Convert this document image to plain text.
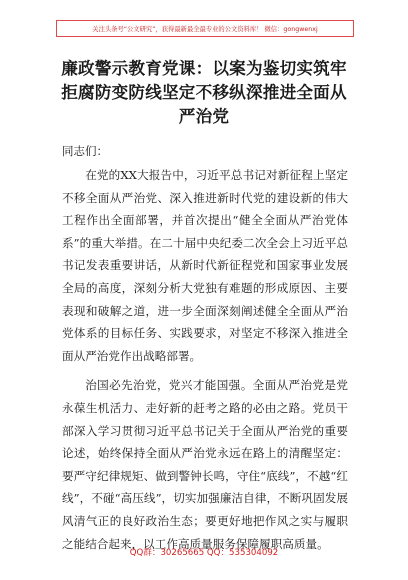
关注头条号“公文研究”，获得最新最全最专业的公文资料库！ 微信：gongwenxj
廉政警示教育党课：以案为鉴切实筑牢拒腐防变防线坚定不移纵深推进全面从严治党

同志们：

在党的XX大报告中，习近平总书记对新征程上坚定不移全面从严治党、深入推进新时代党的建设新的伟大工程作出全面部署，并首次提出“健全全面从严治党体系”的重大举措。在二十届中央纪委二次全会上习近平总书记发表重要讲话，从新时代新征程党和国家事业发展全局的高度，深刻分析大党独有难题的形成原因、主要表现和破解之道，进一步全面深刻阐述健全全面从严治党体系的目标任务、实践要求，对坚定不移深入推进全面从严治党作出战略部署。

治国必先治党，党兴才能国强。全面从严治党是党永葆生机活力、走好新的赶考之路的必由之路。党员干部深入学习贯彻习近平总书记关于全面从严治党的重要论述，始终保持全面从严治党永远在路上的清醒坚定：要严守纪律规矩、做到警钟长鸣，守住“底线”，不越“红线”，不碰“高压线”，切实加强廉洁自律，不断巩固发展风清气正的良好政治生态；要更好地把作风之实与履职之能结合起来，以工作高质量服务保障履职高质量。

QQ群：30265665 QQ：535304092
